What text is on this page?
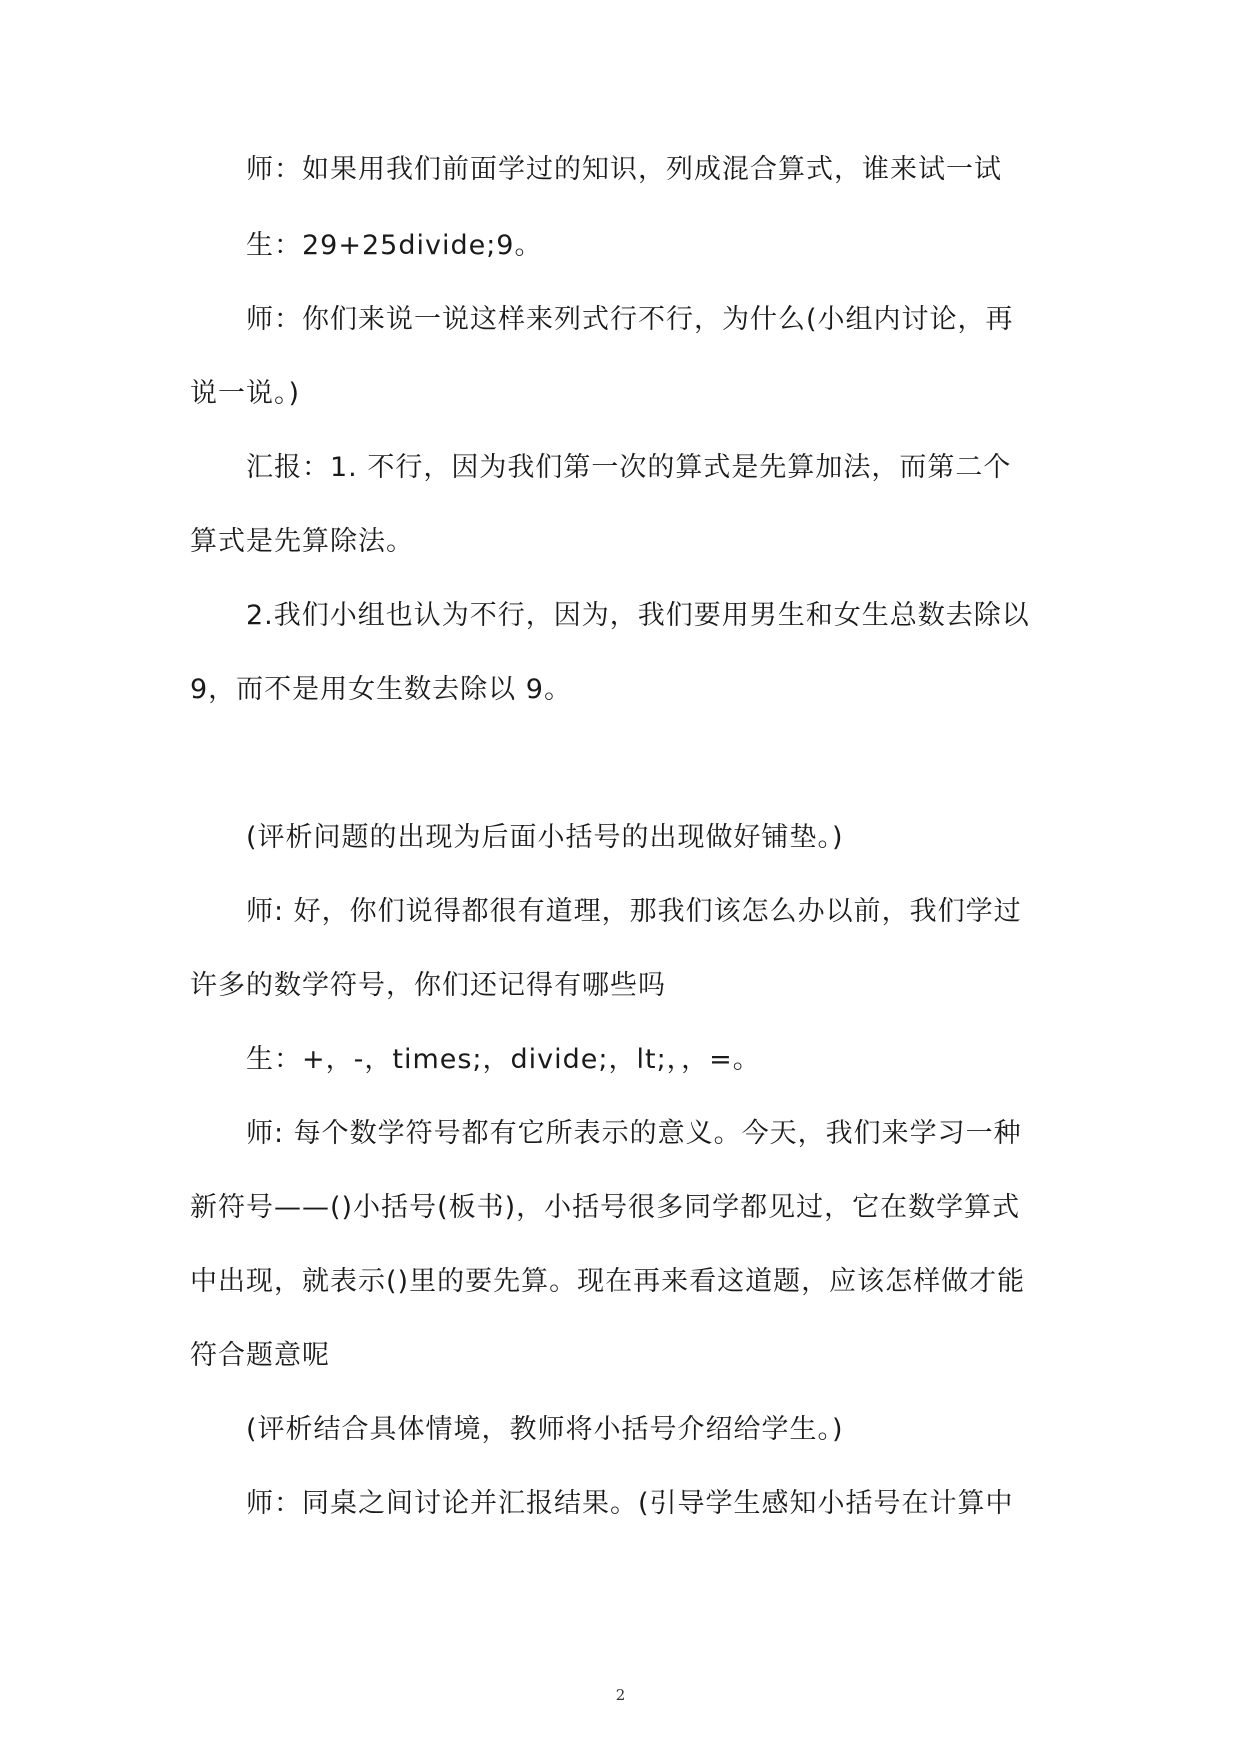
师：如果用我们前面学过的知识，列成混合算式，谁来试一试
生：29+25divide;9。
师：你们来说一说这样来列式行不行，为什么(小组内讨论，再
说一说。)
汇报：1. 不行，因为我们第一次的算式是先算加法，而第二个
算式是先算除法。
2.我们小组也认为不行，因为，我们要用男生和女生总数去除以
9，而不是用女生数去除以 9。
(评析问题的出现为后面小括号的出现做好铺垫。)
师: 好，你们说得都很有道理，那我们该怎么办以前，我们学过
许多的数学符号，你们还记得有哪些吗
生：+，-，times;，divide;，lt;，，=。
师: 每个数学符号都有它所表示的意义。今天，我们来学习一种
新符号——()小括号(板书)，小括号很多同学都见过，它在数学算式
中出现，就表示()里的要先算。现在再来看这道题，应该怎样做才能
符合题意呢
(评析结合具体情境，教师将小括号介绍给学生。)
师：同桌之间讨论并汇报结果。(引导学生感知小括号在计算中
2
